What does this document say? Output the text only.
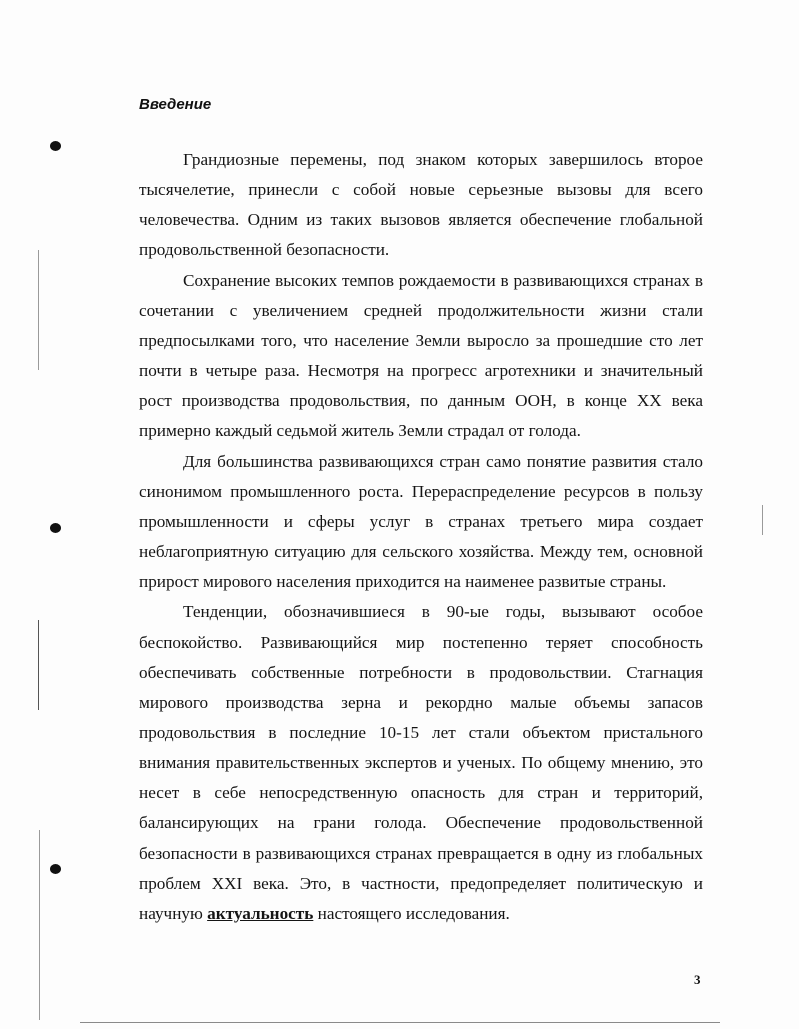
Введение

Грандиозные перемены, под знаком которых завершилось второе тысячелетие, принесли с собой новые серьезные вызовы для всего человечества. Одним из таких вызовов является обеспечение глобальной продовольственной безопасности.

Сохранение высоких темпов рождаемости в развивающихся странах в сочетании с увеличением средней продолжительности жизни стали предпосылками того, что население Земли выросло за прошедшие сто лет почти в четыре раза. Несмотря на прогресс агротехники и значительный рост производства продовольствия, по данным ООН, в конце XX века примерно каждый седьмой житель Земли страдал от голода.

Для большинства развивающихся стран само понятие развития стало синонимом промышленного роста. Перераспределение ресурсов в пользу промышленности и сферы услуг в странах третьего мира создает неблагоприятную ситуацию для сельского хозяйства. Между тем, основной прирост мирового населения приходится на наименее развитые страны.

Тенденции, обозначившиеся в 90-ые годы, вызывают особое беспокойство. Развивающийся мир постепенно теряет способность обеспечивать собственные потребности в продовольствии. Стагнация мирового производства зерна и рекордно малые объемы запасов продовольствия в последние 10-15 лет стали объектом пристального внимания правительственных экспертов и ученых. По общему мнению, это несет в себе непосредственную опасность для стран и территорий, балансирующих на грани голода. Обеспечение продовольственной безопасности в развивающихся странах превращается в одну из глобальных проблем XXI века. Это, в частности, предопределяет политическую и научную актуальность настоящего исследования.

3
